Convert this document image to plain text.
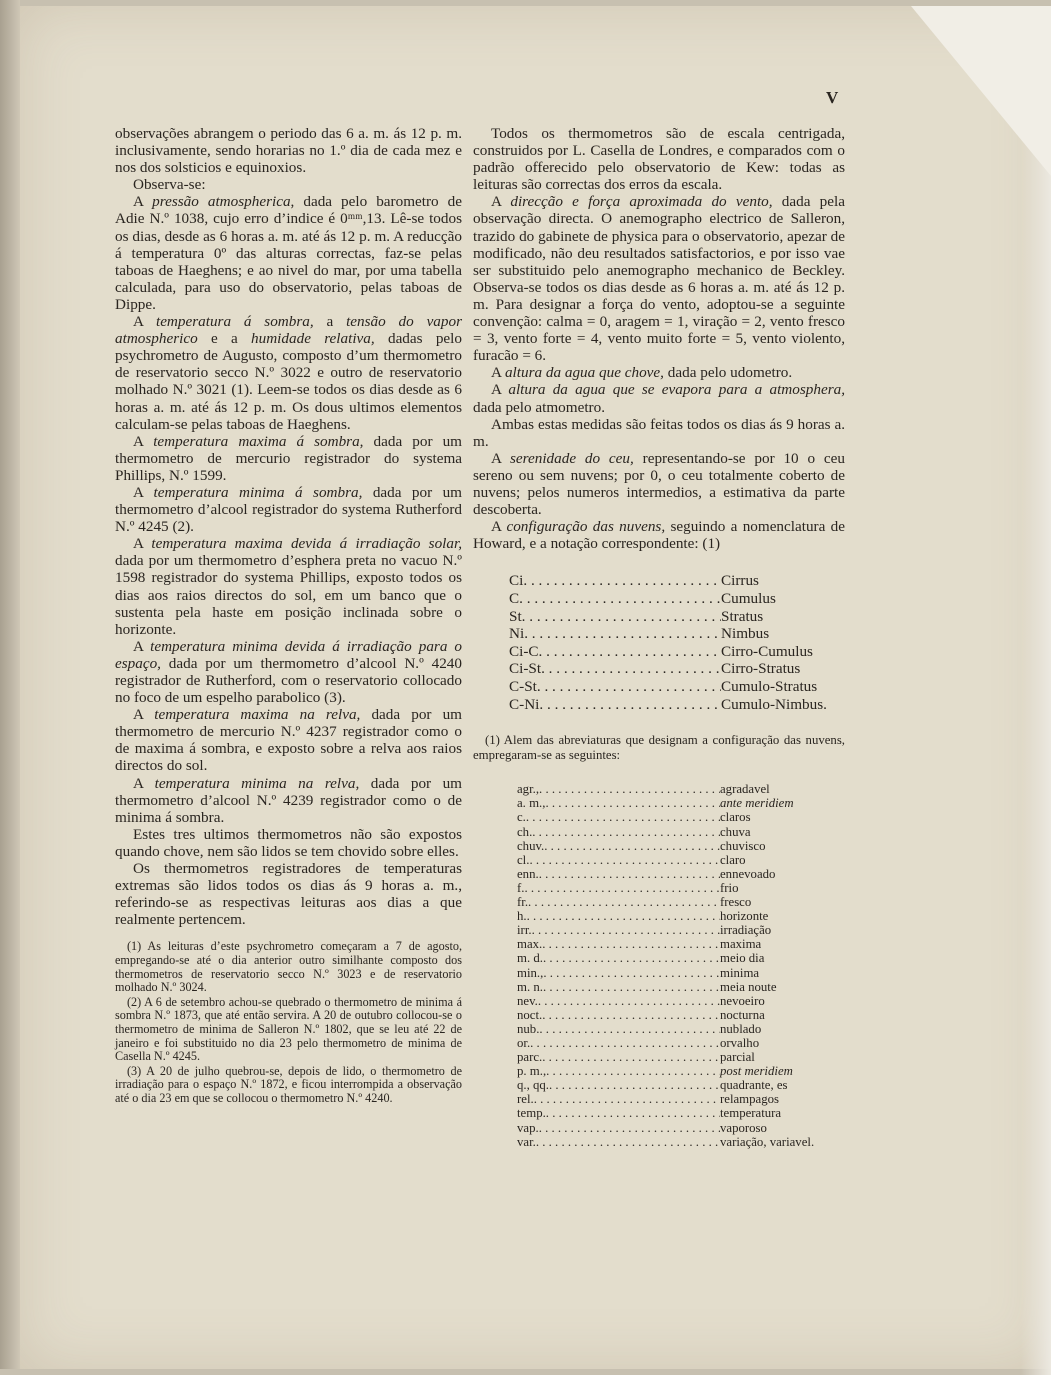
V

observações abrangem o periodo das 6 a. m. ás 12 p. m. inclusivamente, sendo horarias no 1.º dia de cada mez e nos dos solsticios e equinoxios.

Observa-se:

A pressão atmospherica, dada pelo barometro de Adie N.º 1038, cujo erro d’indice é 0ᵐᵐ,13. Lê-se todos os dias, desde as 6 horas a. m. até ás 12 p. m. A reducção á temperatura 0º das alturas correctas, faz-se pelas taboas de Haeghens; e ao nivel do mar, por uma tabella calculada, para uso do observatorio, pelas taboas de Dippe.

A temperatura á sombra, a tensão do vapor atmospherico e a humidade relativa, dadas pelo psychrometro de Augusto, composto d’um thermometro de reservatorio secco N.º 3022 e outro de reservatorio molhado N.º 3021 (1). Leem-se todos os dias desde as 6 horas a. m. até ás 12 p. m. Os dous ultimos elementos calculam-se pelas taboas de Haeghens.

A temperatura maxima á sombra, dada por um thermometro de mercurio registrador do systema Phillips, N.º 1599.

A temperatura minima á sombra, dada por um thermometro d’alcool registrador do systema Rutherford N.º 4245 (2).

A temperatura maxima devida á irradiação solar, dada por um thermometro d’esphera preta no vacuo N.º 1598 registrador do systema Phillips, exposto todos os dias aos raios directos do sol, em um banco que o sustenta pela haste em posição inclinada sobre o horizonte.

A temperatura minima devida á irradiação para o espaço, dada por um thermometro d’alcool N.º 4240 registrador de Rutherford, com o reservatorio collocado no foco de um espelho parabolico (3).

A temperatura maxima na relva, dada por um thermometro de mercurio N.º 4237 registrador como o de maxima á sombra, e exposto sobre a relva aos raios directos do sol.

A temperatura minima na relva, dada por um thermometro d’alcool N.º 4239 registrador como o de minima á sombra.

Estes tres ultimos thermometros não são expostos quando chove, nem são lidos se tem chovido sobre elles.

Os thermometros registradores de temperaturas extremas são lidos todos os dias ás 9 horas a. m., referindo-se as respectivas leituras aos dias a que realmente pertencem.

(1) As leituras d’este psychrometro começaram a 7 de agosto, empregando-se até o dia anterior outro similhante composto dos thermometros de reservatorio secco N.º 3023 e de reservatorio molhado N.º 3024.

(2) A 6 de setembro achou-se quebrado o thermometro de minima á sombra N.º 1873, que até então servira. A 20 de outubro collocou-se o thermometro de minima de Salleron N.º 1802, que se leu até 22 de janeiro e foi substituido no dia 23 pelo thermometro de minima de Casella N.º 4245.

(3) A 20 de julho quebrou-se, depois de lido, o thermometro de irradiação para o espaço N.º 1872, e ficou interrompida a observação até o dia 23 em que se collocou o thermometro N.º 4240.

Todos os thermometros são de escala centrigada, construidos por L. Casella de Londres, e comparados com o padrão offerecido pelo observatorio de Kew: todas as leituras são correctas dos erros da escala.

A direcção e força aproximada do vento, dada pela observação directa. O anemographo electrico de Salleron, trazido do gabinete de physica para o observatorio, apezar de modificado, não deu resultados satisfactorios, e por isso vae ser substituido pelo anemographo mechanico de Beckley. Observa-se todos os dias desde as 6 horas a. m. até ás 12 p. m. Para designar a força do vento, adoptou-se a seguinte convenção: calma = 0, aragem = 1, viração = 2, vento fresco = 3, vento forte = 4, vento muito forte = 5, vento violento, furacão = 6.

A altura da agua que chove, dada pelo udometro.

A altura da agua que se evapora para a atmosphera, dada pelo atmometro.

Ambas estas medidas são feitas todos os dias ás 9 horas a. m.

A serenidade do ceu, representando-se por 10 o ceu sereno ou sem nuvens; por 0, o ceu totalmente coberto de nuvens; pelos numeros intermedios, a estimativa da parte descoberta.

A configuração das nuvens, seguindo a nomenclatura de Howard, e a notação correspondente: (1)

Ci . . .	Cirrus
C . . .	Cumulus
St . . .	Stratus
Ni . . .	Nimbus
Ci-C . . .	Cirro-Cumulus
Ci-St . . .	Cirro-Stratus
C-St . . .	Cumulo-Stratus
C-Ni . . .	Cumulo-Nimbus.

(1) Alem das abreviaturas que designam a configuração das nuvens, empregaram-se as seguintes:

agr., . . .	agradavel
a. m., . . .	ante meridiem
c. . . .	claros
ch. . . .	chuva
chuv. . . .	chuvisco
cl. . . .	claro
enn. . . .	ennevoado
f. . . .	frio
fr. . . .	fresco
h. . . .	horizonte
irr. . . .	irradiação
max. . . .	maxima
m. d. . . .	meio dia
min., . . .	minima
m. n. . . .	meia noute
nev. . . .	nevoeiro
noct. . . .	nocturna
nub. . . .	nublado
or. . . .	orvalho
parc. . . .	parcial
p. m., . . .	post meridiem
q., qq. . . .	quadrante, es
rel. . . .	relampagos
temp. . . .	temperatura
vap. . . .	vaporoso
var. . . .	variação, variavel.
